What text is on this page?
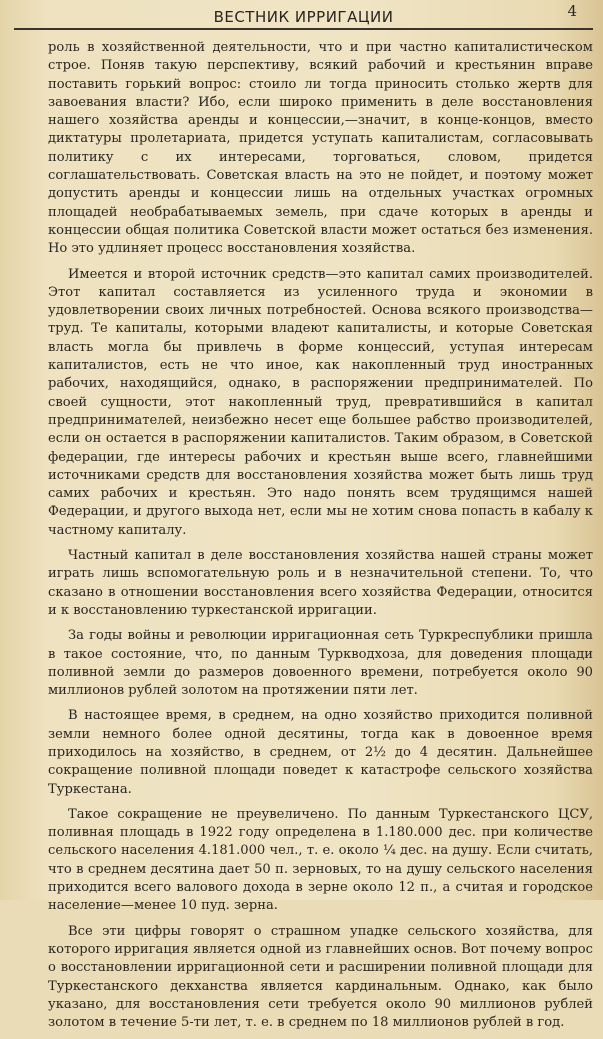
ВЕСТНИК ИРРИГАЦИИ	4

роль в хозяйственной деятельности, что и при частно капиталистическом строе. Поняв такую перспективу, всякий рабочий и крестьянин вправе поставить горький вопрос: стоило ли тогда приносить столько жертв для завоевания власти? Ибо, если широко применить в деле восстановления нашего хозяйства аренды и концессии,—значит, в конце-концов, вместо диктатуры пролетариата, придется уступать капиталистам, согласовывать политику с их интересами, торговаться, словом, придется соглашательствовать. Советская власть на это не пойдет, и поэтому может допустить аренды и концессии лишь на отдельных участках огромных площадей необрабатываемых земель, при сдаче которых в аренды и концессии общая политика Советской власти может остаться без изменения. Но это удлиняет процесс восстановления хозяйства.

Имеется и второй источник средств—это капитал самих производителей. Этот капитал составляется из усиленного труда и экономии в удовлетворении своих личных потребностей. Основа всякого производства—труд. Те капиталы, которыми владеют капиталисты, и которые Советская власть могла бы привлечь в форме концессий, уступая интересам капиталистов, есть не что иное, как накопленный труд иностранных рабочих, находящийся, однако, в распоряжении предпринимателей. По своей сущности, этот накопленный труд, превратившийся в капитал предпринимателей, неизбежно несет еще большее рабство производителей, если он остается в распоряжении капиталистов. Таким образом, в Советской федерации, где интересы рабочих и крестьян выше всего, главнейшими источниками средств для восстановления хозяйства может быть лишь труд самих рабочих и крестьян. Это надо понять всем трудящимся нашей Федерации, и другого выхода нет, если мы не хотим снова попасть в кабалу к частному капиталу.

Частный капитал в деле восстановления хозяйства нашей страны может играть лишь вспомогательную роль и в незначительной степени. То, что сказано в отношении восстановления всего хозяйства Федерации, относится и к восстановлению туркестанской ирригации.

За годы войны и революции ирригационная сеть Туркреспублики пришла в такое состояние, что, по данным Туркводхоза, для доведения площади поливной земли до размеров довоенного времени, потребуется около 90 миллионов рублей золотом на протяжении пяти лет.

В настоящее время, в среднем, на одно хозяйство приходится поливной земли немного более одной десятины, тогда как в довоенное время приходилось на хозяйство, в среднем, от 2½ до 4 десятин. Дальнейшее сокращение поливной площади поведет к катастрофе сельского хозяйства Туркестана.

Такое сокращение не преувеличено. По данным Туркестанского ЦСУ, поливная площадь в 1922 году определена в 1.180.000 дес. при количестве сельского населения 4.181.000 чел., т. е. около ¼ дес. на душу. Если считать, что в среднем десятина дает 50 п. зерновых, то на душу сельского населения приходится всего валового дохода в зерне около 12 п., а считая и городское население—менее 10 пуд. зерна.

Все эти цифры говорят о страшном упадке сельского хозяйства, для которого ирригация является одной из главнейших основ. Вот почему вопрос о восстановлении ирригационной сети и расширении поливной площади для Туркестанского декханства является кардинальным. Однако, как было указано, для восстановления сети требуется около 90 миллионов рублей золотом в течение 5-ти лет, т. е. в среднем по 18 миллионов рублей в год.
